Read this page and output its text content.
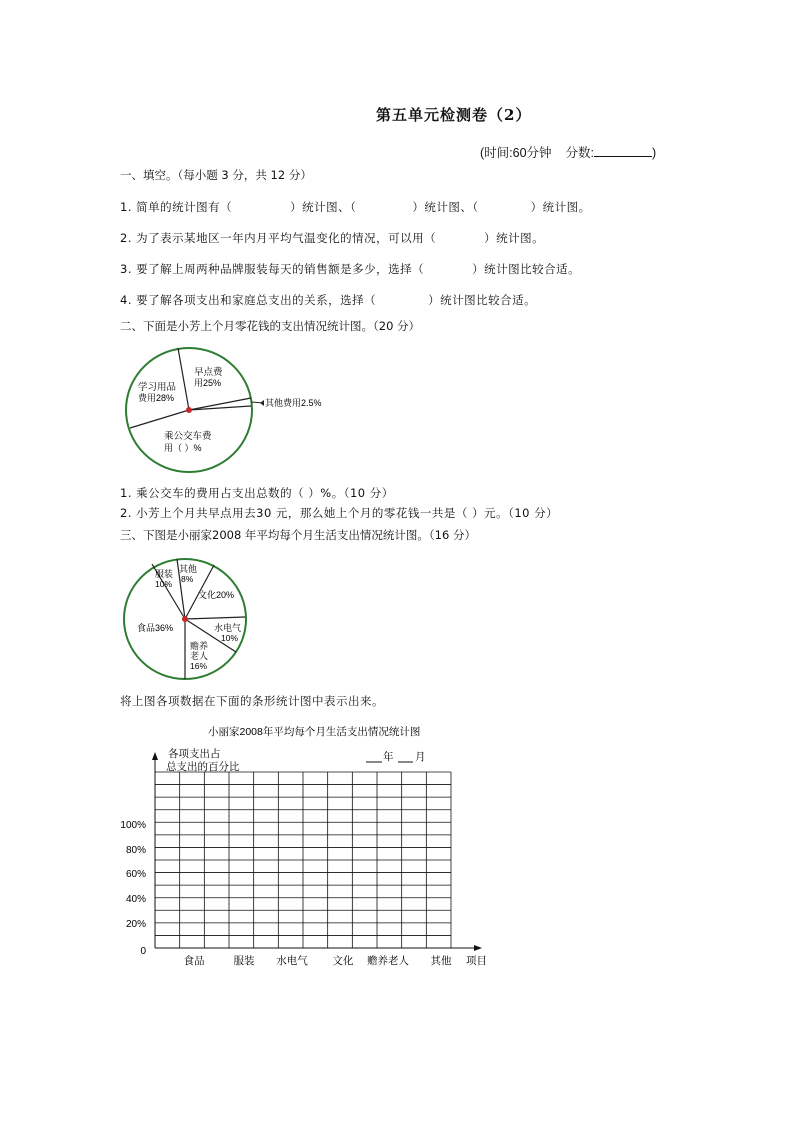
第五单元检测卷（2）
(时间:60分钟 分数:	)
一、填空。（每小题 3 分，共 12 分）
1. 简单的统计图有（	）统计图、（	）统计图、（	）统计图。
2. 为了表示某地区一年内月平均气温变化的情况，可以用（	）统计图。
3. 要了解上周两种品牌服装每天的销售额是多少，选择（	）统计图比较合适。
4. 要了解各项支出和家庭总支出的关系，选择（	）统计图比较合适。
二、下面是小芳上个月零花钱的支出情况统计图。（20 分）
早点费
用25%
学习用品
费用28%
乘公交车费
用（ ）%
其他费用2.5%
1. 乘公交车的费用占支出总数的（ ）%。（10 分）
2. 小芳上个月共早点用去30 元，那么她上个月的零花钱一共是（ ）元。（10 分）
三、下图是小丽家2008 年平均每个月生活支出情况统计图。（16 分）
服装
10%
其他
8%
文化20%
食品36%	水电气
10%
赡养
老人
16%
将上图各项数据在下面的条形统计图中表示出来。
小丽家2008年平均每个月生活支出情况统计图
各项支出占
总支出的百分比
年 月
100%
80%
60%
40%
20%
0
食品	服装 水电气 文化 赡养老人 其他 项目
